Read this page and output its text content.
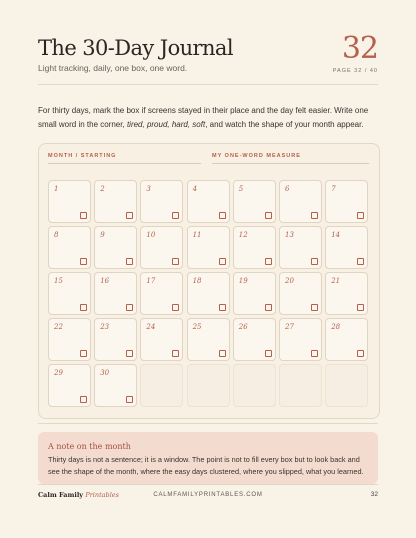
The 30-Day Journal
Light tracking, daily, one box, one word.
32
PAGE 32 / 40

For thirty days, mark the box if screens stayed in their place and the day felt easier. Write one small word in the corner, tired, proud, hard, soft, and watch the shape of your month appear.

MONTH / STARTING	MY ONE-WORD MEASURE
1	2	3	4	5	6	7
8	9	10	11	12	13	14
15	16	17	18	19	20	21
22	23	24	25	26	27	28
29	30
A note on the month
Thirty days is not a sentence; it is a window. The point is not to fill every box but to look back and see the shape of the month, where the easy days clustered, where you slipped, what you learned.
Calm Family Printables	CALMFAMILYPRINTABLES.COM	32
